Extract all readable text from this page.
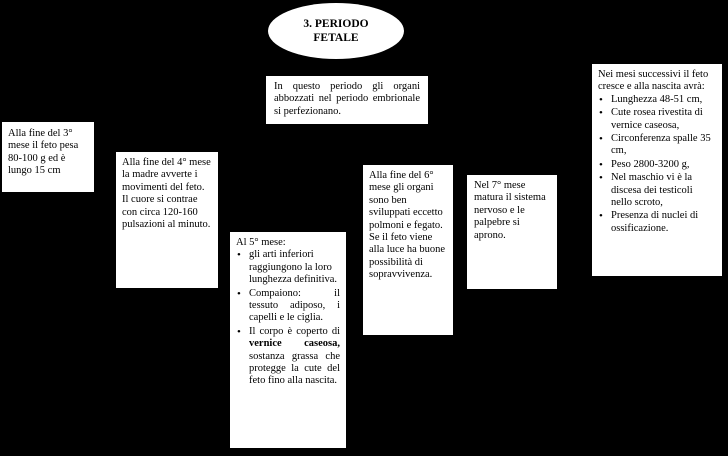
3. PERIODO
FETALE
In questo periodo gli organi abbozzati nel periodo embrionale si perfezionano.
Alla fine del 3° mese il feto pesa 80-100 g ed è lungo 15 cm
Alla fine del 4° mese la madre avverte i movimenti del feto.
Il cuore si contrae con circa 120-160 pulsazioni al minuto.
Al 5° mese:
• gli arti inferiori raggiungono la loro lunghezza definitiva.
• Compaiono: il tessuto adiposo, i capelli e le ciglia.
• Il corpo è coperto di vernice caseosa, sostanza grassa che protegge la cute del feto fino alla nascita.
Alla fine del 6° mese gli organi sono ben sviluppati eccetto polmoni e fegato.
Se il feto viene alla luce ha buone possibilità di sopravvivenza.
Nel 7° mese matura il sistema nervoso e le palpebre si aprono.
Nei mesi successivi il feto cresce e alla nascita avrà:
• Lunghezza 48-51 cm,
• Cute rosea rivestita di vernice caseosa,
• Circonferenza spalle 35 cm,
• Peso 2800-3200 g,
• Nel maschio vi è la discesa dei testicoli nello scroto,
• Presenza di nuclei di ossificazione.
